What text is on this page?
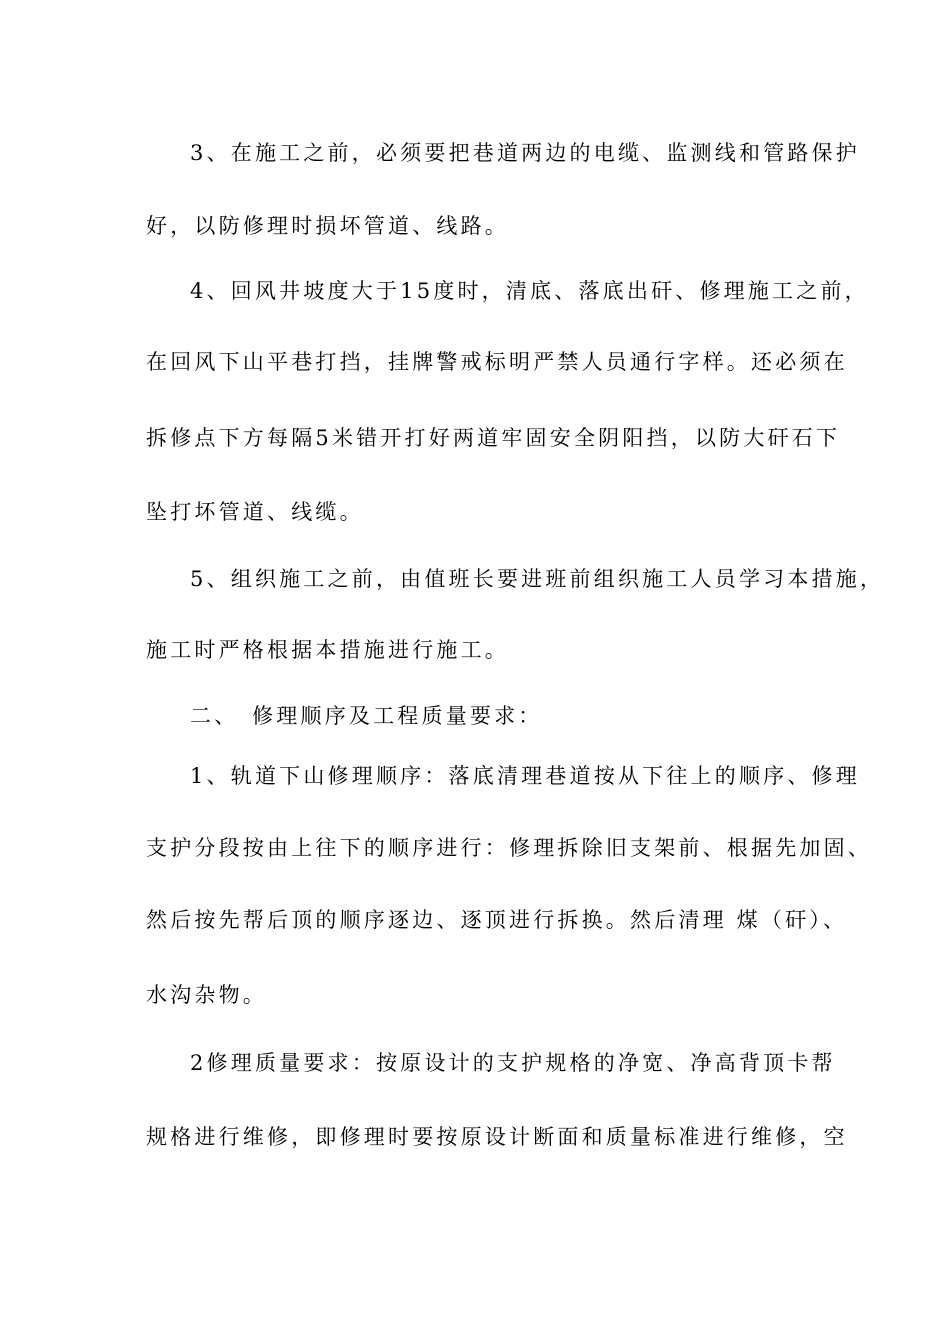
3、在施工之前，必须要把巷道两边的电缆、监测线和管路保护
好，以防修理时损坏管道、线路。
4、回风井坡度大于15度时，清底、落底出矸、修理施工之前，
在回风下山平巷打挡，挂牌警戒标明严禁人员通行字样。还必须在
拆修点下方每隔5米错开打好两道牢固安全阴阳挡，以防大矸石下
坠打坏管道、线缆。
5、组织施工之前，由值班长要进班前组织施工人员学习本措施，
施工时严格根据本措施进行施工。
二、　修理顺序及工程质量要求：
1、轨道下山修理顺序：落底清理巷道按从下往上的顺序、修理
支护分段按由上往下的顺序进行：修理拆除旧支架前、根据先加固、
然后按先帮后顶的顺序逐边、逐顶进行拆换。然后清理 煤（矸）、
水沟杂物。
2修理质量要求：按原设计的支护规格的净宽、净高背顶卡帮
规格进行维修，即修理时要按原设计断面和质量标准进行维修，空
